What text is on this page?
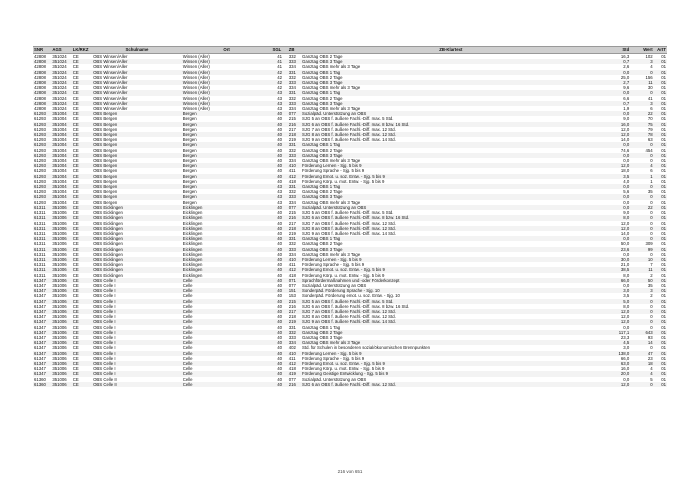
SNR	AGS	LK/RKZ	Schulname	Ort	SGL	ZB	ZB-Klartext	Std	Wert	ArtT
42808	351024	CE	OBS Winsen/Aller	Winsen (Aller)	41	332	Ganztag OBS 2 Tage	16,3	102	01
42808	351024	CE	OBS Winsen/Aller	Winsen (Aller)	41	333	Ganztag OBS 3 Tage	0,7	3	01
42808	351024	CE	OBS Winsen/Aller	Winsen (Aller)	41	334	Ganztag OBS mehr als 3 Tage	2,6	4	01
42808	351024	CE	OBS Winsen/Aller	Winsen (Aller)	42	331	Ganztag OBS 1 Tag	0,0	0	01
42808	351024	CE	OBS Winsen/Aller	Winsen (Aller)	42	332	Ganztag OBS 2 Tage	25,0	156	01
42808	351024	CE	OBS Winsen/Aller	Winsen (Aller)	42	333	Ganztag OBS 3 Tage	2,7	11	01
42808	351024	CE	OBS Winsen/Aller	Winsen (Aller)	42	334	Ganztag OBS mehr als 3 Tage	9,6	30	01
42808	351024	CE	OBS Winsen/Aller	Winsen (Aller)	43	331	Ganztag OBS 1 Tag	0,0	0	01
42808	351024	CE	OBS Winsen/Aller	Winsen (Aller)	43	332	Ganztag OBS 2 Tage	6,6	41	01
42808	351024	CE	OBS Winsen/Aller	Winsen (Aller)	43	333	Ganztag OBS 3 Tage	0,7	3	01
42808	351024	CE	OBS Winsen/Aller	Winsen (Aller)	43	334	Ganztag OBS mehr als 3 Tage	1,9	6	01
61293	351004	CE	OBS Bergen	Bergen	40	077	Sozialpäd. Unterstützung an OBS	0,0	22	01
61293	351004	CE	OBS Bergen	Bergen	40	215	SJG 5 an OBS f. äußere Fachl.-Diff. max. 5 Std.	9,0	70	01
61293	351004	CE	OBS Bergen	Bergen	40	216	SJG 6 an OBS f. äußere Fachl.-Diff. max. 8 bzw. 16 Std.	16,0	75	01
61293	351004	CE	OBS Bergen	Bergen	40	217	SJG 7 an OBS f. äußere Fachl.-Diff. max. 12 Std.	12,0	79	01
61293	351004	CE	OBS Bergen	Bergen	40	218	SJG 8 an OBS f. äußere Fachl.-Diff. max. 12 Std.	12,0	78	01
61293	351004	CE	OBS Bergen	Bergen	40	219	SJG 9 an OBS f. äußere Fachl.-Diff. max. 14 Std.	14,0	63	01
61293	351004	CE	OBS Bergen	Bergen	40	331	Ganztag OBS 1 Tag	0,0	0	01
61293	351004	CE	OBS Bergen	Bergen	40	332	Ganztag OBS 2 Tage	74,6	454	01
61293	351004	CE	OBS Bergen	Bergen	40	333	Ganztag OBS 3 Tage	0,0	0	01
61293	351004	CE	OBS Bergen	Bergen	40	334	Ganztag OBS mehr als 3 Tage	0,0	0	01
61293	351004	CE	OBS Bergen	Bergen	40	410	Förderung Lernen - Sjg. 5 bis 9	12,0	4	01
61293	351004	CE	OBS Bergen	Bergen	40	411	Förderung Sprache - Sjg. 5 bis 9	18,0	6	01
61293	351004	CE	OBS Bergen	Bergen	40	412	Förderung Emot. u. soz. Entw. - Sjg. 5 bis 9	3,5	1	01
61293	351004	CE	OBS Bergen	Bergen	40	418	Förderung Körp. u. mot. Entw. - Sjg. 5 bis 9	4,0	1	01
61293	351004	CE	OBS Bergen	Bergen	43	331	Ganztag OBS 1 Tag	0,0	0	01
61293	351004	CE	OBS Bergen	Bergen	43	332	Ganztag OBS 2 Tage	5,6	35	01
61293	351004	CE	OBS Bergen	Bergen	43	333	Ganztag OBS 3 Tage	0,0	0	01
61293	351004	CE	OBS Bergen	Bergen	43	334	Ganztag OBS mehr als 3 Tage	0,0	0	01
61311	351006	CE	OBS Eicklingen	Eicklingen	40	077	Sozialpäd. Unterstützung an OBS	0,0	22	01
61311	351006	CE	OBS Eicklingen	Eicklingen	40	215	SJG 5 an OBS f. äußere Fachl.-Diff. max. 5 Std.	9,0	0	01
61311	351006	CE	OBS Eicklingen	Eicklingen	40	216	SJG 6 an OBS f. äußere Fachl.-Diff. max. 8 bzw. 16 Std.	8,0	0	01
61311	351006	CE	OBS Eicklingen	Eicklingen	40	217	SJG 7 an OBS f. äußere Fachl.-Diff. max. 12 Std.	12,0	0	01
61311	351006	CE	OBS Eicklingen	Eicklingen	40	218	SJG 8 an OBS f. äußere Fachl.-Diff. max. 12 Std.	12,0	0	01
61311	351006	CE	OBS Eicklingen	Eicklingen	40	219	SJG 9 an OBS f. äußere Fachl.-Diff. max. 14 Std.	14,0	0	01
61311	351006	CE	OBS Eicklingen	Eicklingen	40	331	Ganztag OBS 1 Tag	0,0	0	01
61311	351006	CE	OBS Eicklingen	Eicklingen	40	332	Ganztag OBS 2 Tage	50,0	309	01
61311	351006	CE	OBS Eicklingen	Eicklingen	40	333	Ganztag OBS 3 Tage	23,6	99	01
61311	351006	CE	OBS Eicklingen	Eicklingen	40	334	Ganztag OBS mehr als 3 Tage	0,0	0	01
61311	351006	CE	OBS Eicklingen	Eicklingen	40	410	Förderung Lernen - Sjg. 5 bis 9	30,0	10	01
61311	351006	CE	OBS Eicklingen	Eicklingen	40	411	Förderung Sprache - Sjg. 5 bis 9	21,0	7	01
61311	351006	CE	OBS Eicklingen	Eicklingen	40	412	Förderung Emot. u. soz. Entw. - Sjg. 5 bis 9	38,5	11	01
61311	351006	CE	OBS Eicklingen	Eicklingen	40	418	Förderung Körp. u. mot. Entw. - Sjg. 5 bis 9	8,0	2	01
61347	351006	CE	OBS Celle I	Celle	40	071	Sprachfördermaßnahmen und -oder Förderkonzept	66,0	50	01
61347	351006	CE	OBS Celle I	Celle	40	077	Sozialpäd. Unterstützung an OBS	0,0	35	01
61347	351006	CE	OBS Celle I	Celle	40	151	Sonderpäd. Förderung Sprache - Sjg. 10	3,0	3	01
61347	351006	CE	OBS Celle I	Celle	40	153	Sonderpäd. Förderung emot. u. soz. Entw. - Sjg. 10	3,5	2	01
61347	351006	CE	OBS Celle I	Celle	40	215	SJG 5 an OBS f. äußere Fachl.-Diff. max. 5 Std.	5,0	0	01
61347	351006	CE	OBS Celle I	Celle	40	216	SJG 6 an OBS f. äußere Fachl.-Diff. max. 8 bzw. 16 Std.	8,0	0	01
61347	351006	CE	OBS Celle I	Celle	40	217	SJG 7 an OBS f. äußere Fachl.-Diff. max. 12 Std.	12,0	0	01
61347	351006	CE	OBS Celle I	Celle	40	218	SJG 8 an OBS f. äußere Fachl.-Diff. max. 12 Std.	12,0	0	01
61347	351006	CE	OBS Celle I	Celle	40	219	SJG 9 an OBS f. äußere Fachl.-Diff. max. 14 Std.	12,0	0	01
61347	351006	CE	OBS Celle I	Celle	40	331	Ganztag OBS 1 Tag	0,0	0	01
61347	351006	CE	OBS Celle I	Celle	40	332	Ganztag OBS 2 Tage	117,1	643	01
61347	351006	CE	OBS Celle I	Celle	40	333	Ganztag OBS 3 Tage	23,3	93	01
61347	351006	CE	OBS Celle I	Celle	40	334	Ganztag OBS mehr als 3 Tage	4,5	14	01
61347	351006	CE	OBS Celle I	Celle	40	402	Std. für Schulen in besonderen sozial/ökonomischen Brennpunkten	3,0	0	01
61347	351006	CE	OBS Celle I	Celle	40	410	Förderung Lernen - Sjg. 5 bis 9	138,0	47	01
61347	351006	CE	OBS Celle I	Celle	40	411	Förderung Sprache - Sjg. 5 bis 9	66,0	23	01
61347	351006	CE	OBS Celle I	Celle	40	412	Förderung Emot. u. soz. Entw. - Sjg. 5 bis 9	63,0	18	01
61347	351006	CE	OBS Celle I	Celle	40	418	Förderung Körp. u. mot. Entw. - Sjg. 5 bis 9	16,0	4	01
61347	351006	CE	OBS Celle I	Celle	40	419	Förderung Geistige Entwicklung - Sjg. 5 bis 9	20,0	4	01
61360	351006	CE	OBS Celle II	Celle	40	077	Sozialpäd. Unterstützung an OBS	0,0	5	01
61360	351006	CE	OBS Celle II	Celle	40	216	SJG 6 an OBS f. äußere Fachl.-Diff. max. 12 Std.	12,0	0	01
216 von 651
